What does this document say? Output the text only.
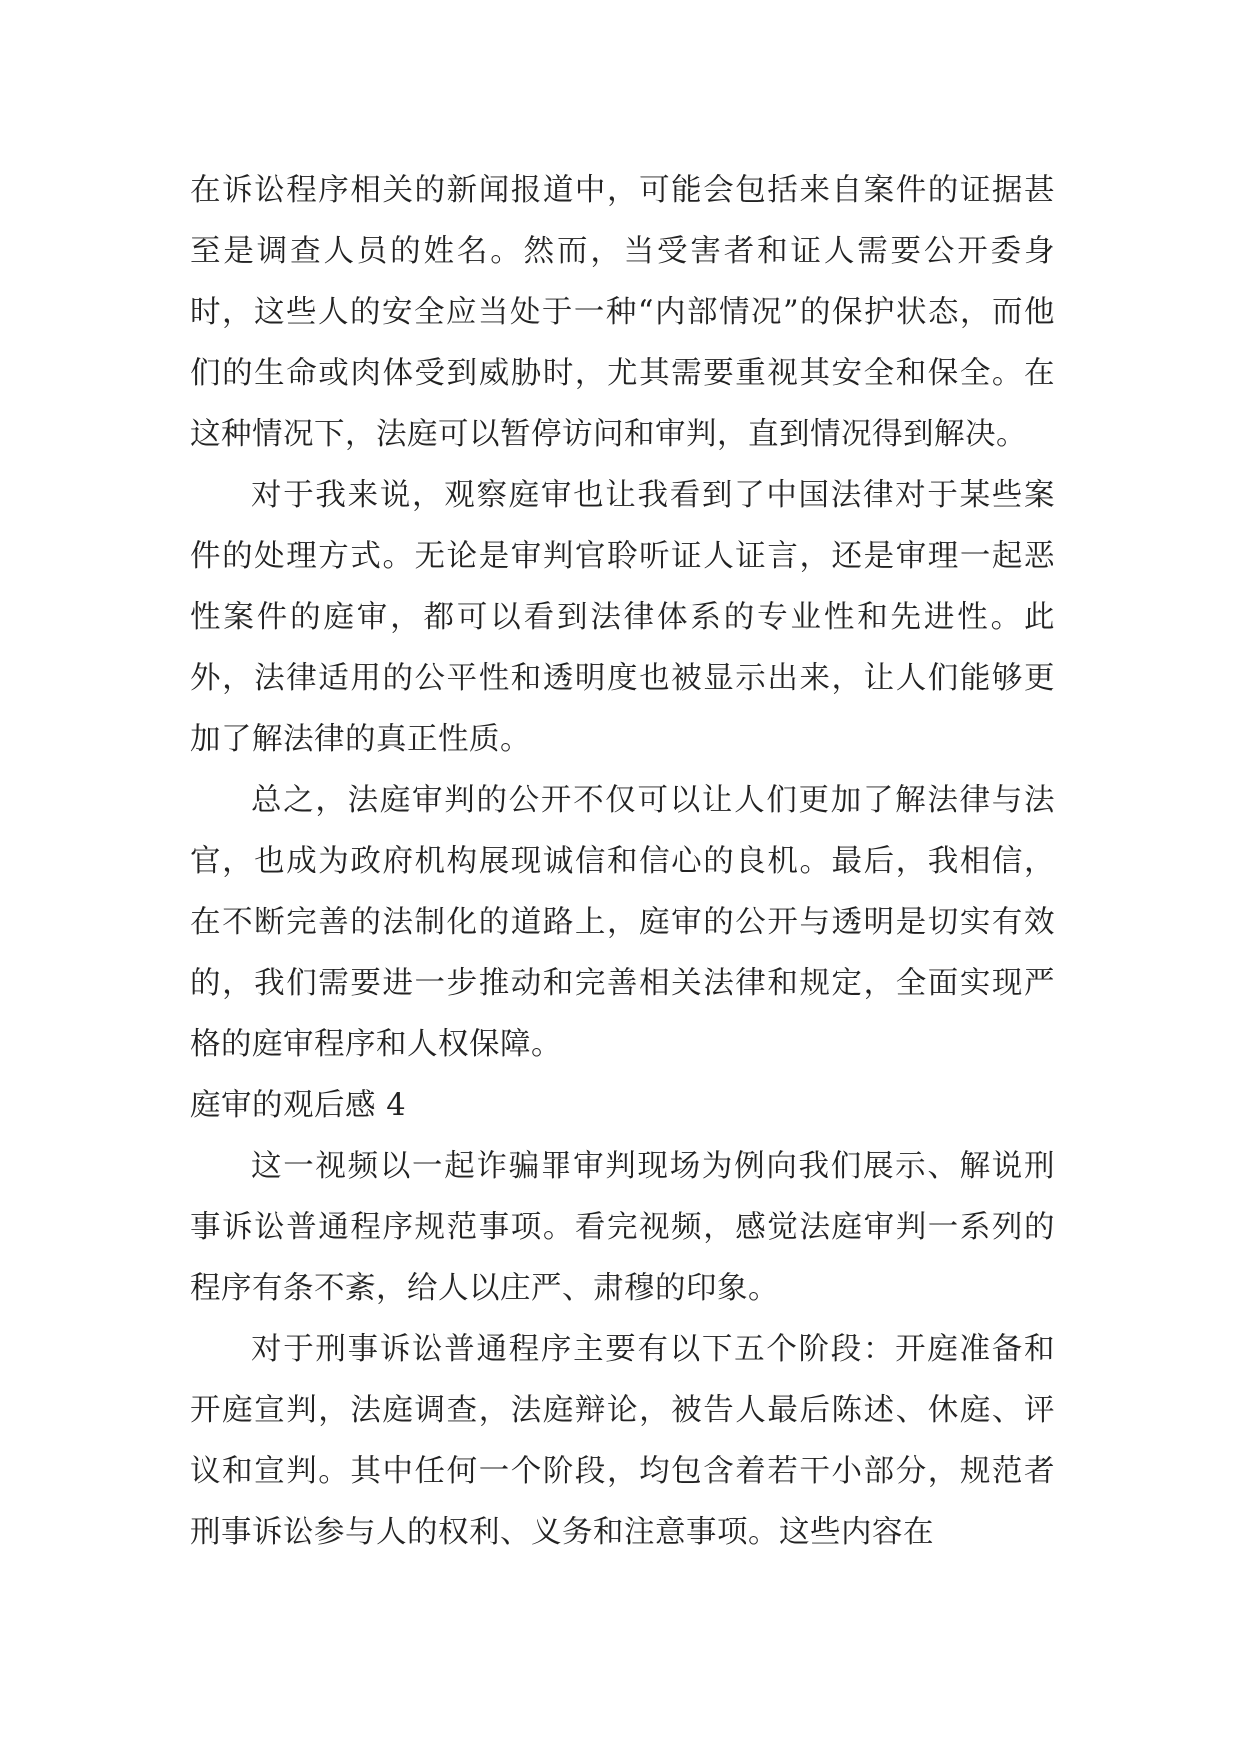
在诉讼程序相关的新闻报道中，可能会包括来自案件的证据甚至是调查人员的姓名。然而，当受害者和证人需要公开委身时，这些人的安全应当处于一种“内部情况”的保护状态，而他们的生命或肉体受到威胁时，尤其需要重视其安全和保全。在这种情况下，法庭可以暂停访问和审判，直到情况得到解决。

对于我来说，观察庭审也让我看到了中国法律对于某些案件的处理方式。无论是审判官聆听证人证言，还是审理一起恶性案件的庭审，都可以看到法律体系的专业性和先进性。此外，法律适用的公平性和透明度也被显示出来，让人们能够更加了解法律的真正性质。

总之，法庭审判的公开不仅可以让人们更加了解法律与法官，也成为政府机构展现诚信和信心的良机。最后，我相信，在不断完善的法制化的道路上，庭审的公开与透明是切实有效的，我们需要进一步推动和完善相关法律和规定，全面实现严格的庭审程序和人权保障。

庭审的观后感 4

这一视频以一起诈骗罪审判现场为例向我们展示、解说刑事诉讼普通程序规范事项。看完视频，感觉法庭审判一系列的程序有条不紊，给人以庄严、肃穆的印象。

对于刑事诉讼普通程序主要有以下五个阶段：开庭准备和开庭宣判，法庭调查，法庭辩论，被告人最后陈述、休庭、评议和宣判。其中任何一个阶段，均包含着若干小部分，规范者刑事诉讼参与人的权利、义务和注意事项。这些内容在
